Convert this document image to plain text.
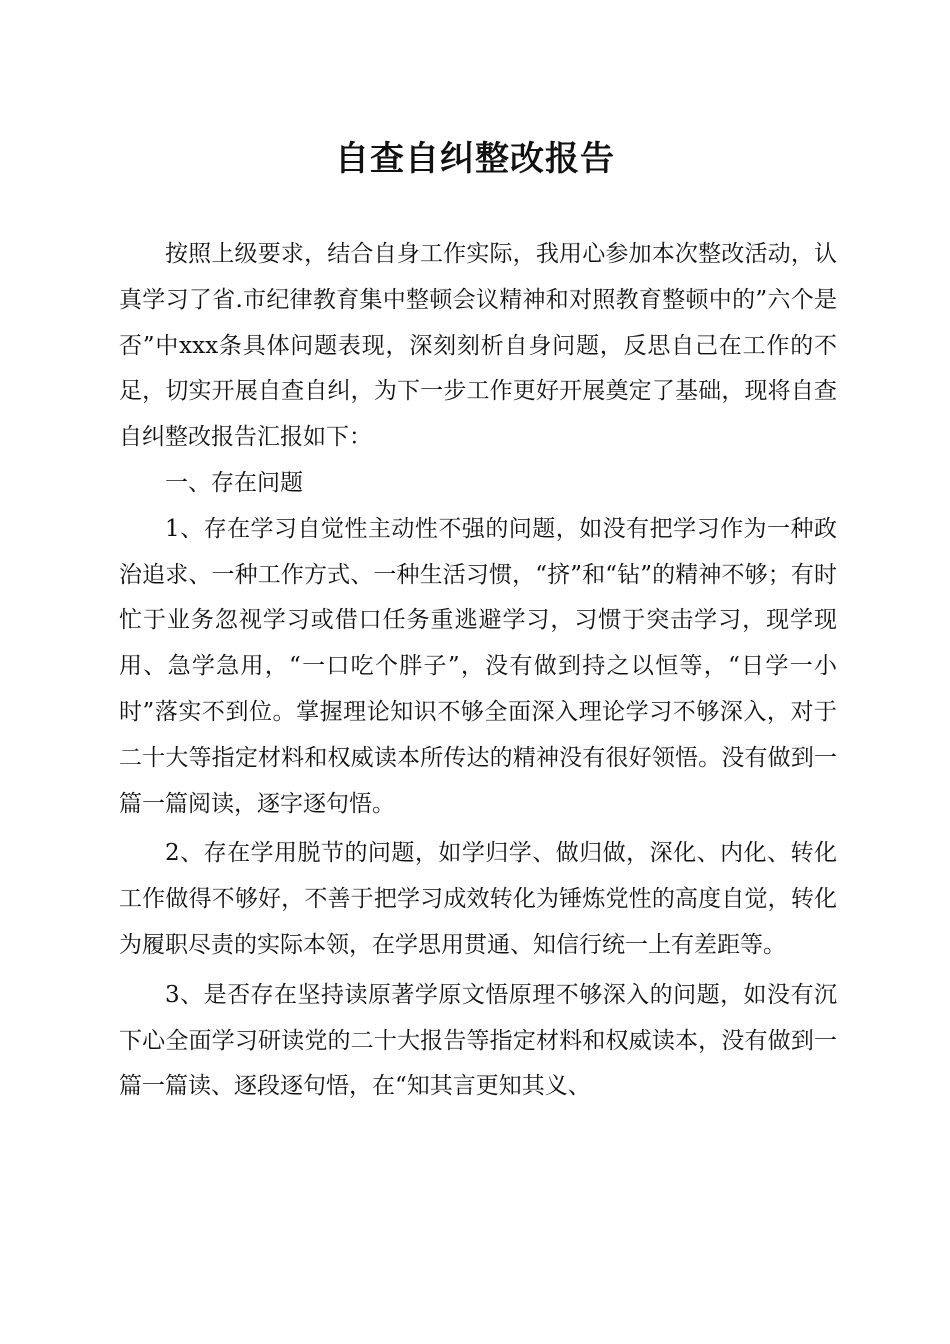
自查自纠整改报告

按照上级要求，结合自身工作实际，我用心参加本次整改活动，认真学习了省.市纪律教育集中整顿会议精神和对照教育整顿中的”六个是否”中xxx条具体问题表现，深刻刻析自身问题，反思自己在工作的不足，切实开展自查自纠，为下一步工作更好开展奠定了基础，现将自查自纠整改报告汇报如下：

一、存在问题

1、存在学习自觉性主动性不强的问题，如没有把学习作为一种政治追求、一种工作方式、一种生活习惯，“挤”和“钻”的精神不够；有时忙于业务忽视学习或借口任务重逃避学习，习惯于突击学习，现学现用、急学急用，“一口吃个胖子”，没有做到持之以恒等，“日学一小时”落实不到位。掌握理论知识不够全面深入理论学习不够深入，对于二十大等指定材料和权威读本所传达的精神没有很好领悟。没有做到一篇一篇阅读，逐字逐句悟。

2、存在学用脱节的问题，如学归学、做归做，深化、内化、转化工作做得不够好，不善于把学习成效转化为锤炼党性的高度自觉，转化为履职尽责的实际本领，在学思用贯通、知信行统一上有差距等。

3、是否存在坚持读原著学原文悟原理不够深入的问题，如没有沉下心全面学习研读党的二十大报告等指定材料和权威读本，没有做到一篇一篇读、逐段逐句悟，在“知其言更知其义、
